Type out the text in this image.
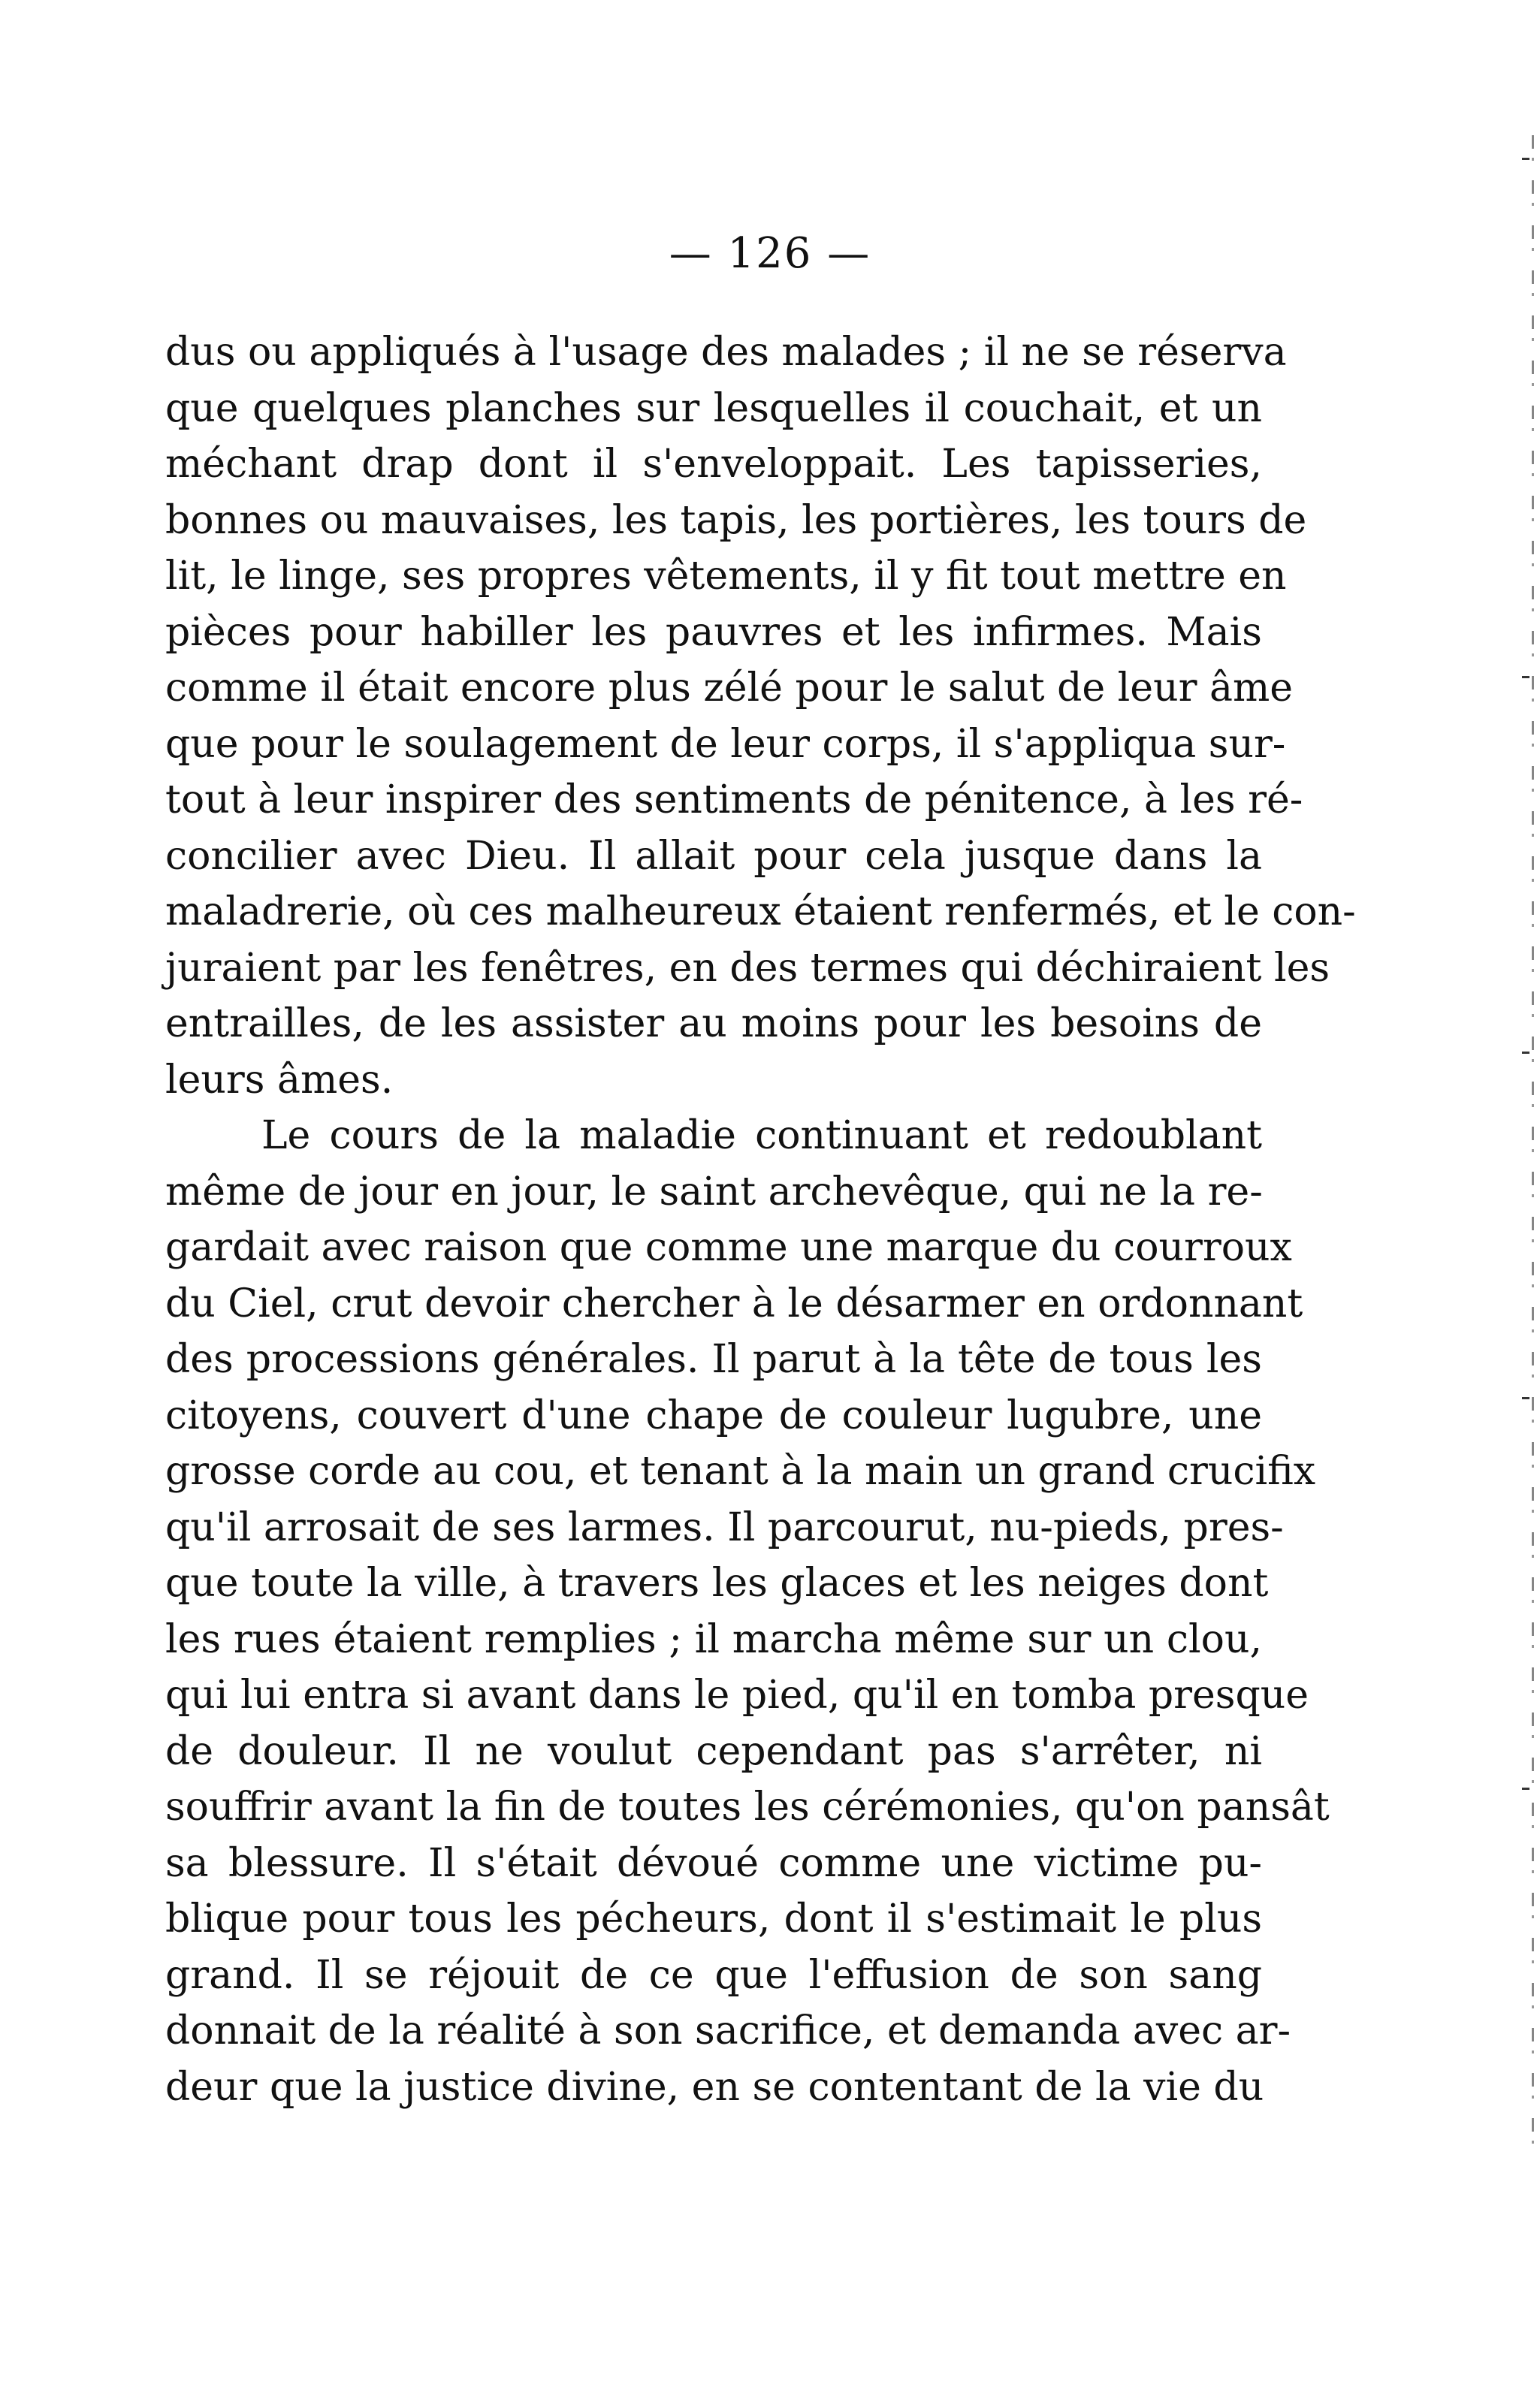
— 126 —
dus ou appliqués à l'usage des malades ; il ne se réserva
que quelques planches sur lesquelles il couchait, et un
méchant drap dont il s'enveloppait. Les tapisseries,
bonnes ou mauvaises, les tapis, les portières, les tours de
lit, le linge, ses propres vêtements, il y fit tout mettre en
pièces pour habiller les pauvres et les infirmes. Mais
comme il était encore plus zélé pour le salut de leur âme
que pour le soulagement de leur corps, il s'appliqua sur-
tout à leur inspirer des sentiments de pénitence, à les ré-
concilier avec Dieu. Il allait pour cela jusque dans la
maladrerie, où ces malheureux étaient renfermés, et le con-
juraient par les fenêtres, en des termes qui déchiraient les
entrailles, de les assister au moins pour les besoins de
leurs âmes.
Le cours de la maladie continuant et redoublant
même de jour en jour, le saint archevêque, qui ne la re-
gardait avec raison que comme une marque du courroux
du Ciel, crut devoir chercher à le désarmer en ordonnant
des processions générales. Il parut à la tête de tous les
citoyens, couvert d'une chape de couleur lugubre, une
grosse corde au cou, et tenant à la main un grand crucifix
qu'il arrosait de ses larmes. Il parcourut, nu-pieds, pres-
que toute la ville, à travers les glaces et les neiges dont
les rues étaient remplies ; il marcha même sur un clou,
qui lui entra si avant dans le pied, qu'il en tomba presque
de douleur. Il ne voulut cependant pas s'arrêter, ni
souffrir avant la fin de toutes les cérémonies, qu'on pansât
sa blessure. Il s'était dévoué comme une victime pu-
blique pour tous les pécheurs, dont il s'estimait le plus
grand. Il se réjouit de ce que l'effusion de son sang
donnait de la réalité à son sacrifice, et demanda avec ar-
deur que la justice divine, en se contentant de la vie du
